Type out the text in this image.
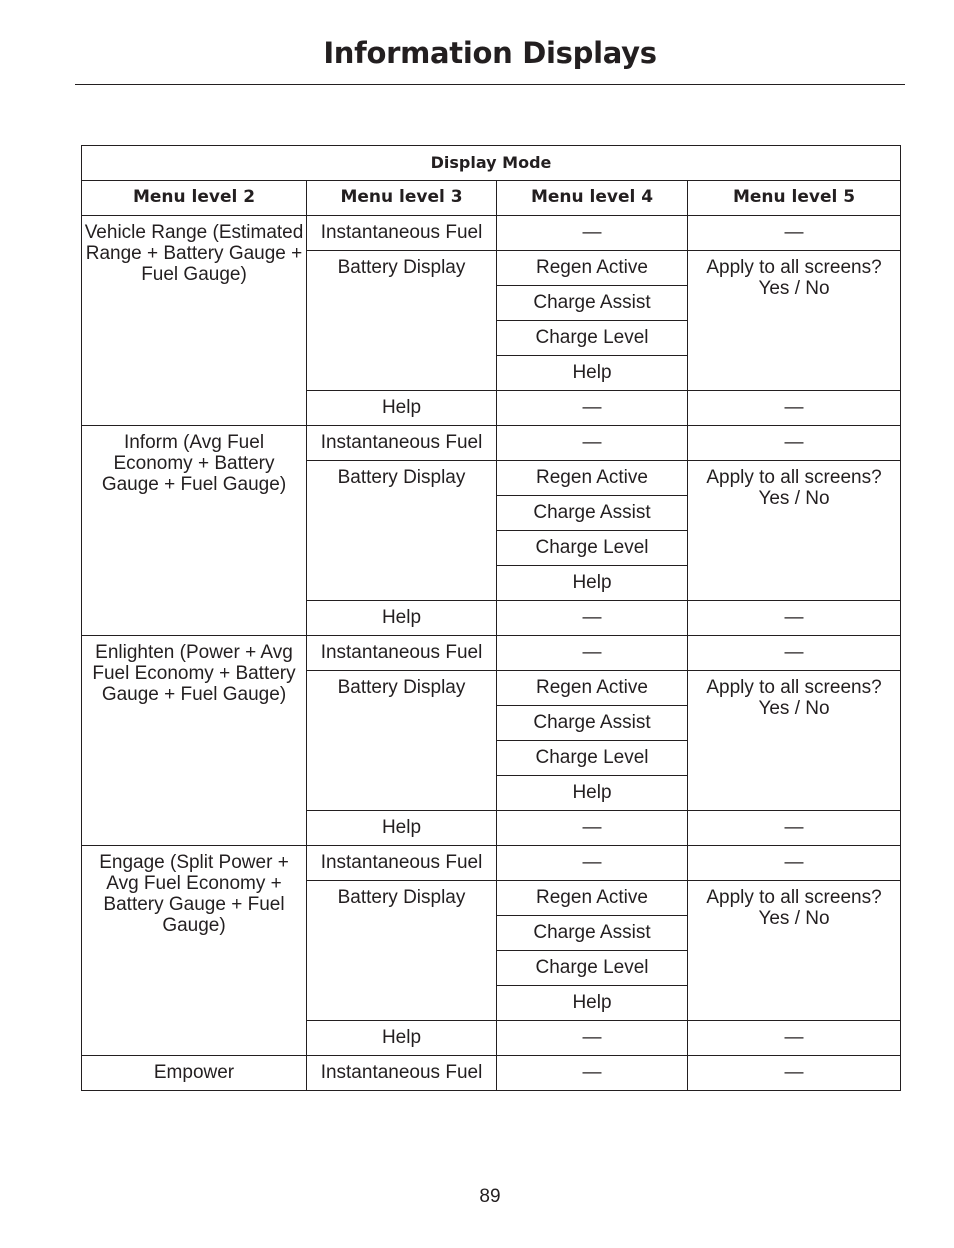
Information Displays
Display Mode			
Menu level 2	Menu level 3	Menu level 4	Menu level 5
Vehicle Range (Estimated Range + Battery Gauge + Fuel Gauge)	Instantaneous Fuel	—	—
	Battery Display	Regen Active	Apply to all screens? Yes / No
		Charge Assist	
		Charge Level	
		Help	
	Help	—	—
Inform (Avg Fuel Economy + Battery Gauge + Fuel Gauge)	Instantaneous Fuel	—	—
	Battery Display	Regen Active	Apply to all screens? Yes / No
		Charge Assist	
		Charge Level	
		Help	
	Help	—	—
Enlighten (Power + Avg Fuel Economy + Battery Gauge + Fuel Gauge)	Instantaneous Fuel	—	—
	Battery Display	Regen Active	Apply to all screens? Yes / No
		Charge Assist	
		Charge Level	
		Help	
	Help	—	—
Engage (Split Power + Avg Fuel Economy + Battery Gauge + Fuel Gauge)	Instantaneous Fuel	—	—
	Battery Display	Regen Active	Apply to all screens? Yes / No
		Charge Assist	
		Charge Level	
		Help	
	Help	—	—
Empower	Instantaneous Fuel	—	—
89
